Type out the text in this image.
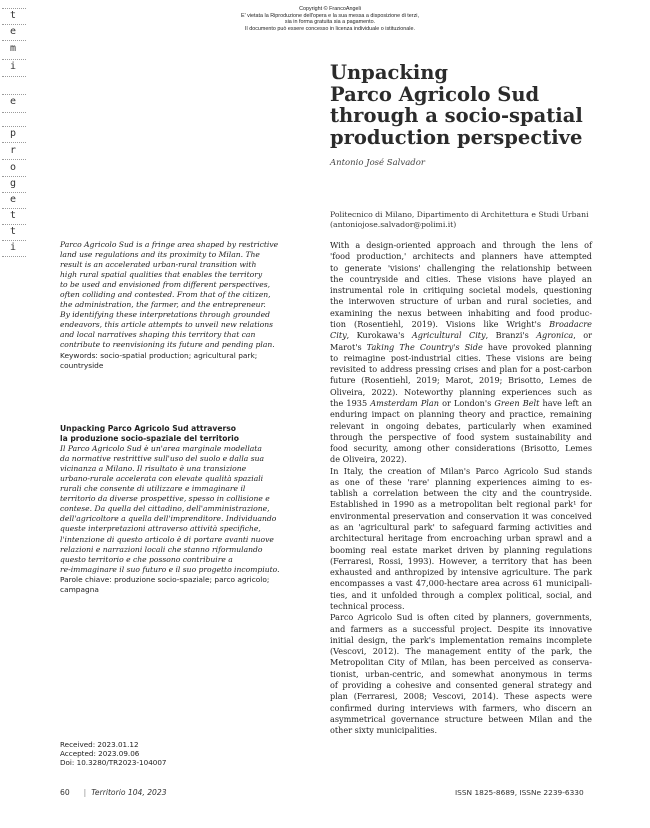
Copyright © FrancoAngeli
E' vietata la Riproduzione dell'opera e la sua messa a disposizione di terzi,
sia in forma gratuita sia a pagamento.
Il documento può essere concesso in licenza individuale o istituzionale.
t
e
m
i
e
p
r
o
g
e
t
t
i
Unpacking
Parco Agricolo Sud
through a socio-spatial
production perspective
Antonio José Salvador
Politecnico di Milano, Dipartimento di Architettura e Studi Urbani
(antoniojose.salvador@polimi.it)
Parco Agricolo Sud is a fringe area shaped by restrictive
land use regulations and its proximity to Milan. The
result is an accelerated urban-rural transition with
high rural spatial qualities that enables the territory
to be used and envisioned from different perspectives,
often colliding and contested. From that of the citizen,
the administration, the farmer, and the entrepreneur.
By identifying these interpretations through grounded
endeavors, this article attempts to unveil new relations
and local narratives shaping this territory that can
contribute to reenvisioning its future and pending plan.
Keywords: socio-spatial production; agricultural park;
countryside
Unpacking Parco Agricolo Sud attraverso
la produzione socio-spaziale del territorio
Il Parco Agricolo Sud è un'area marginale modellata
da normative restrittive sull'uso del suolo e dalla sua
vicinanza a Milano. Il risultato è una transizione
urbano-rurale accelerata con elevate qualità spaziali
rurali che consente di utilizzare e immaginare il
territorio da diverse prospettive, spesso in collisione e
contese. Da quella del cittadino, dell'amministrazione,
dell'agricoltore a quella dell'imprenditore. Individuando
queste interpretazioni attraverso attività specifiche,
l'intenzione di questo articolo è di portare avanti nuove
relazioni e narrazioni locali che stanno riformulando
questo territorio e che possono contribuire a
re-immaginare il suo futuro e il suo progetto incompiuto.
Parole chiave: produzione socio-spaziale; parco agricolo;
campagna
Received: 2023.01.12
Accepted: 2023.09.06
Doi: 10.3280/TR2023-104007
With a design-oriented approach and through the lens of
'food production,' architects and planners have attempted
to generate 'visions' challenging the relationship between
the countryside and cities. These visions have played an
instrumental role in critiquing societal models, questioning
the interwoven structure of urban and rural societies, and
examining the nexus between inhabiting and food produc-
tion (Rosentiehl, 2019). Visions like Wright's Broadacre
City, Kurokawa's Agricultural City, Branzi's Agronica, or
Marot's Taking The Country's Side have provoked planning
to reimagine post-industrial cities. These visions are being
revisited to address pressing crises and plan for a post-carbon
future (Rosentiehl, 2019; Marot, 2019; Brisotto, Lemes de
Oliveira, 2022). Noteworthy planning experiences such as
the 1935 Amsterdam Plan or London's Green Belt have left an
enduring impact on planning theory and practice, remaining
relevant in ongoing debates, particularly when examined
through the perspective of food system sustainability and
food security, among other considerations (Brisotto, Lemes
de Oliveira, 2022).
In Italy, the creation of Milan's Parco Agricolo Sud stands
as one of these 'rare' planning experiences aiming to es-
tablish a correlation between the city and the countryside.
Established in 1990 as a metropolitan belt regional park¹ for
environmental preservation and conservation it was conceived
as an 'agricultural park' to safeguard farming activities and
architectural heritage from encroaching urban sprawl and a
booming real estate market driven by planning regulations
(Ferraresi, Rossi, 1993). However, a territory that has been
exhausted and anthropized by intensive agriculture. The park
encompasses a vast 47,000-hectare area across 61 municipali-
ties, and it unfolded through a complex political, social, and
technical process.
Parco Agricolo Sud is often cited by planners, governments,
and farmers as a successful project. Despite its innovative
initial design, the park's implementation remains incomplete
(Vescovi, 2012). The management entity of the park, the
Metropolitan City of Milan, has been perceived as conserva-
tionist, urban-centric, and somewhat anonymous in terms
of providing a cohesive and consented general strategy and
plan (Ferraresi, 2008; Vescovi, 2014). These aspects were
confirmed during interviews with farmers, who discern an
asymmetrical governance structure between Milan and the
other sixty municipalities.
60 | Territorio 104, 2023	ISSN 1825-8689, ISSNe 2239-6330
